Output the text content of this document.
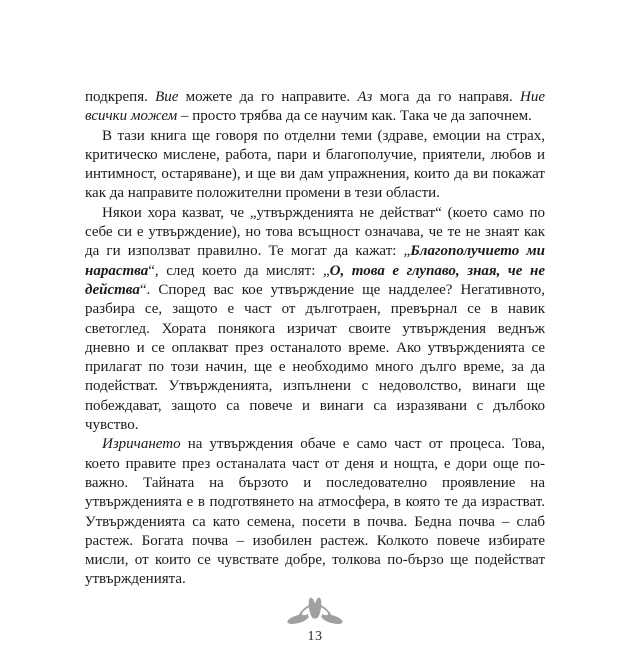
подкрепя. Вие можете да го направите. Аз мога да го направя. Ние всички можем – просто трябва да се научим как. Така че да започнем.

В тази книга ще говоря по отделни теми (здраве, емоции на страх, критическо мислене, работа, пари и благополучие, приятели, любов и интимност, остаряване), и ще ви дам упражнения, които да ви покажат как да направите положителни промени в тези области.

Някои хора казват, че „утвържденията не действат“ (което само по себе си е утвърждение), но това всъщност означава, че те не знаят как да ги използват правилно. Те могат да кажат: „Благополучието ми нараства“, след което да мислят: „О, това е глупаво, зная, че не действа“. Според вас кое утвърждение ще надделее? Негативното, разбира се, защото е част от дълготраен, превърнал се в навик светоглед. Хората понякога изричат своите утвърждения веднъж дневно и се оплакват през останалото време. Ако утвържденията се прилагат по този начин, ще е необходимо много дълго време, за да подействат. Утвържденията, изпълнени с недоволство, винаги ще побеждават, защото са повече и винаги са изразявани с дълбоко чувство.

Изричането на утвърждения обаче е само част от процеса. Това, което правите през останалата част от деня и нощта, е дори още по-важно. Тайната на бързото и последователно проявление на утвържденията е в подготвянето на атмосфера, в която те да израстват. Утвържденията са като семена, посети в почва. Бедна почва – слаб растеж. Богата почва – изобилен растеж. Колкото повече избирате мисли, от които се чувствате добре, толкова по-бързо ще подействат утвържденията.

13
